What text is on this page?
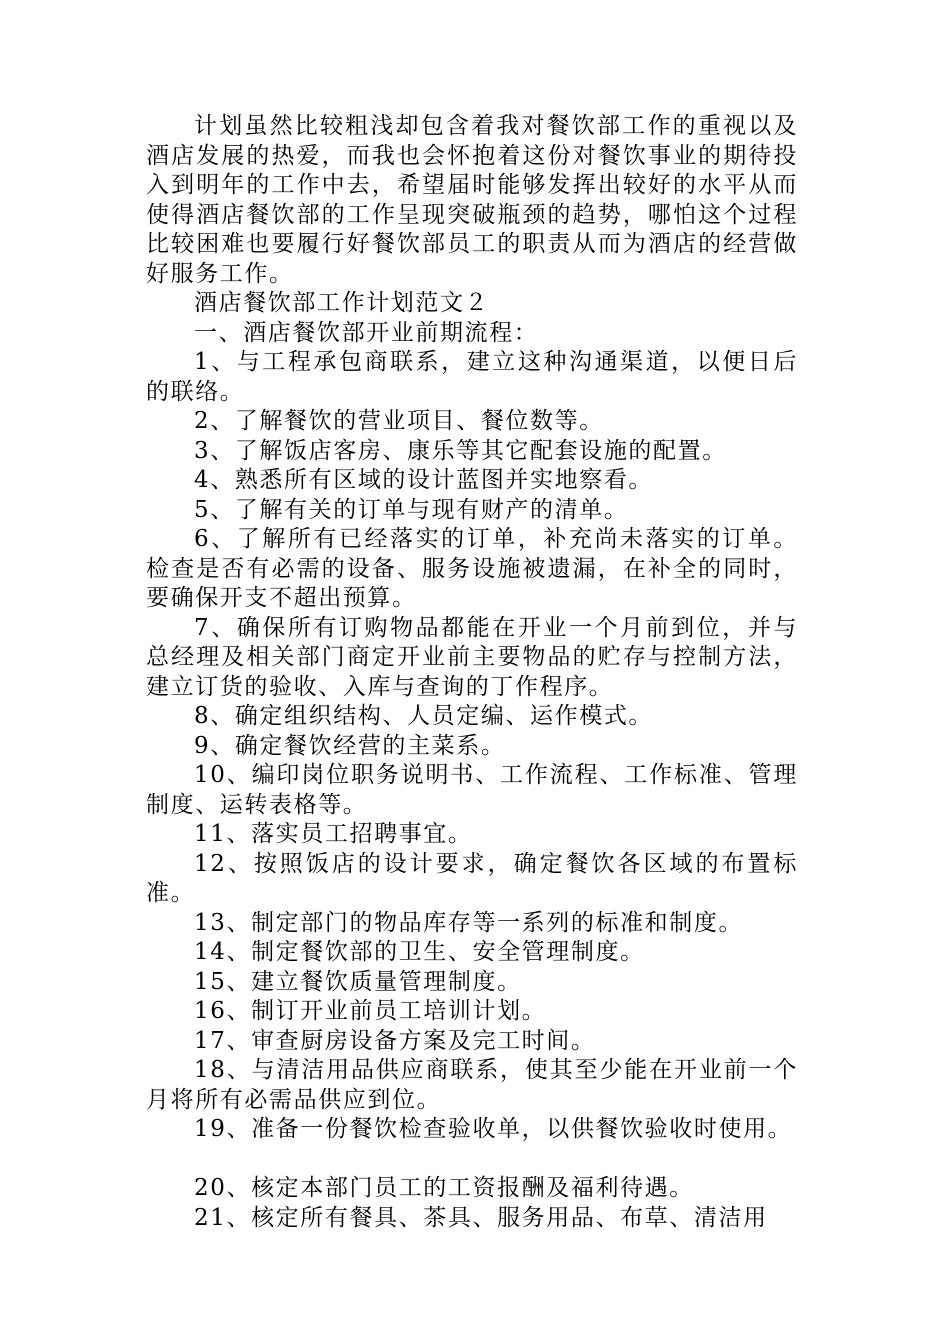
计划虽然比较粗浅却包含着我对餐饮部工作的重视以及酒店发展的热爱，而我也会怀抱着这份对餐饮事业的期待投入到明年的工作中去，希望届时能够发挥出较好的水平从而使得酒店餐饮部的工作呈现突破瓶颈的趋势，哪怕这个过程比较困难也要履行好餐饮部员工的职责从而为酒店的经营做好服务工作。

酒店餐饮部工作计划范文２

一、酒店餐饮部开业前期流程：

1、与工程承包商联系，建立这种沟通渠道，以便日后的联络。

2、了解餐饮的营业项目、餐位数等。

3、了解饭店客房、康乐等其它配套设施的配置。

4、熟悉所有区域的设计蓝图并实地察看。

5、了解有关的订单与现有财产的清单。

6、了解所有已经落实的订单，补充尚未落实的订单。检查是否有必需的设备、服务设施被遗漏，在补全的同时，要确保开支不超出预算。

7、确保所有订购物品都能在开业一个月前到位，并与总经理及相关部门商定开业前主要物品的贮存与控制方法，建立订货的验收、入库与查询的丁作程序。

8、确定组织结构、人员定编、运作模式。

9、确定餐饮经营的主菜系。

10、编印岗位职务说明书、工作流程、工作标准、管理制度、运转表格等。

11、落实员工招聘事宜。

12、按照饭店的设计要求，确定餐饮各区域的布置标准。

13、制定部门的物品库存等一系列的标准和制度。

14、制定餐饮部的卫生、安全管理制度。

15、建立餐饮质量管理制度。

16、制订开业前员工培训计划。

17、审查厨房设备方案及完工时间。

18、与清洁用品供应商联系，使其至少能在开业前一个月将所有必需品供应到位。

19、准备一份餐饮检查验收单，以供餐饮验收时使用。

20、核定本部门员工的工资报酬及福利待遇。

21、核定所有餐具、茶具、服务用品、布草、清洁用
